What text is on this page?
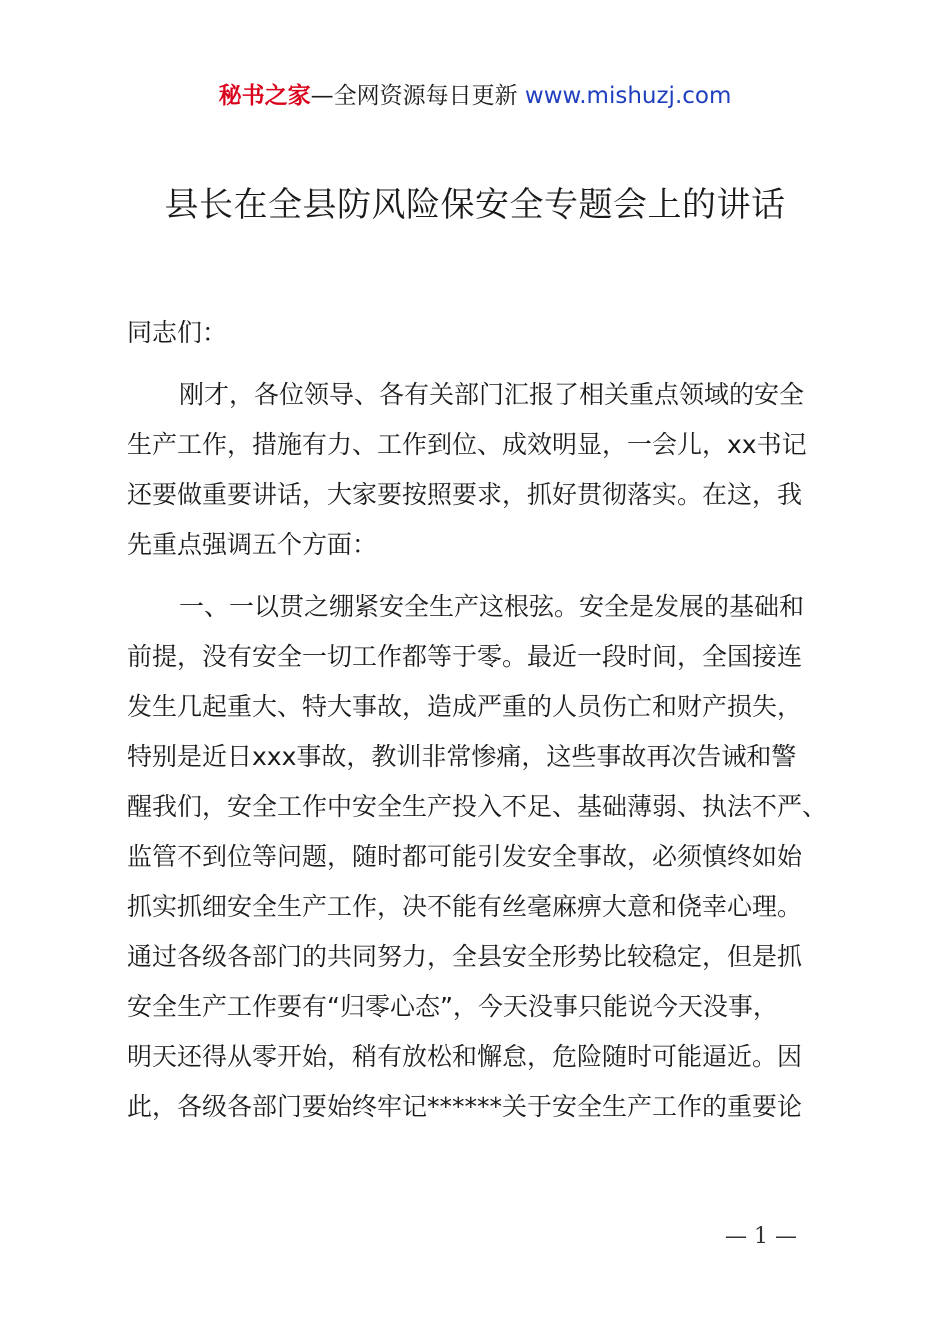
秘书之家—全网资源每日更新 www.mishuzj.com
县长在全县防风险保安全专题会上的讲话
同志们：
刚才，各位领导、各有关部门汇报了相关重点领域的安全
生产工作，措施有力、工作到位、成效明显，一会儿，xx书记
还要做重要讲话，大家要按照要求，抓好贯彻落实。在这，我
先重点强调五个方面：
一、一以贯之绷紧安全生产这根弦。安全是发展的基础和
前提，没有安全一切工作都等于零。最近一段时间，全国接连
发生几起重大、特大事故，造成严重的人员伤亡和财产损失，
特别是近日xxx事故，教训非常惨痛，这些事故再次告诫和警
醒我们，安全工作中安全生产投入不足、基础薄弱、执法不严、
监管不到位等问题，随时都可能引发安全事故，必须慎终如始
抓实抓细安全生产工作，决不能有丝毫麻痹大意和侥幸心理。
通过各级各部门的共同努力，全县安全形势比较稳定，但是抓
安全生产工作要有“归零心态”，今天没事只能说今天没事，
明天还得从零开始，稍有放松和懈怠，危险随时可能逼近。因
此，各级各部门要始终牢记******关于安全生产工作的重要论
— 1 —
